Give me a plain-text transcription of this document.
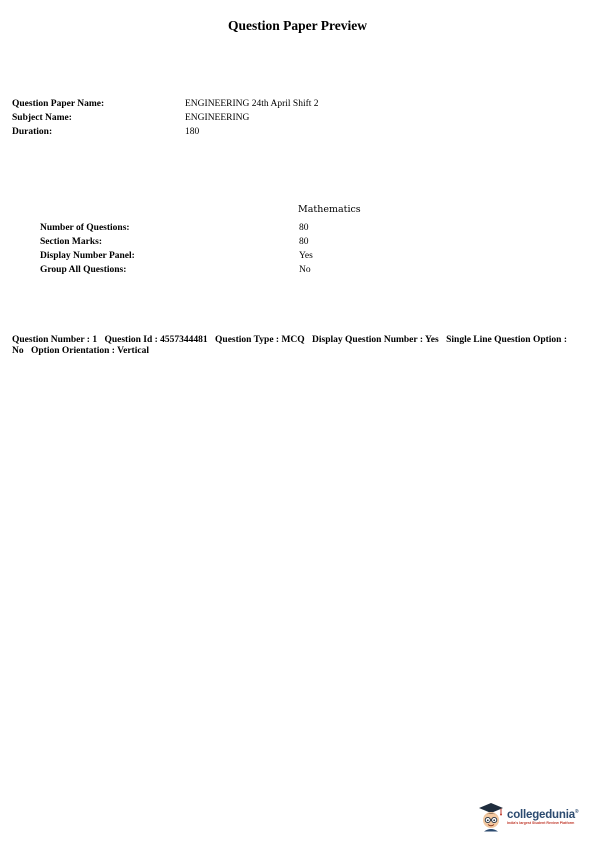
Question Paper Preview
Question Paper Name:	ENGINEERING 24th April Shift 2
Subject Name:	ENGINEERING
Duration:	180
Mathematics
Number of Questions:	80
Section Marks:	80
Display Number Panel:	Yes
Group All Questions:	No
Question Number : 1 Question Id : 4557344481 Question Type : MCQ Display Question Number : Yes Single Line Question Option : No Option Orientation : Vertical
collegedunia®
India's largest Student Review Platform
